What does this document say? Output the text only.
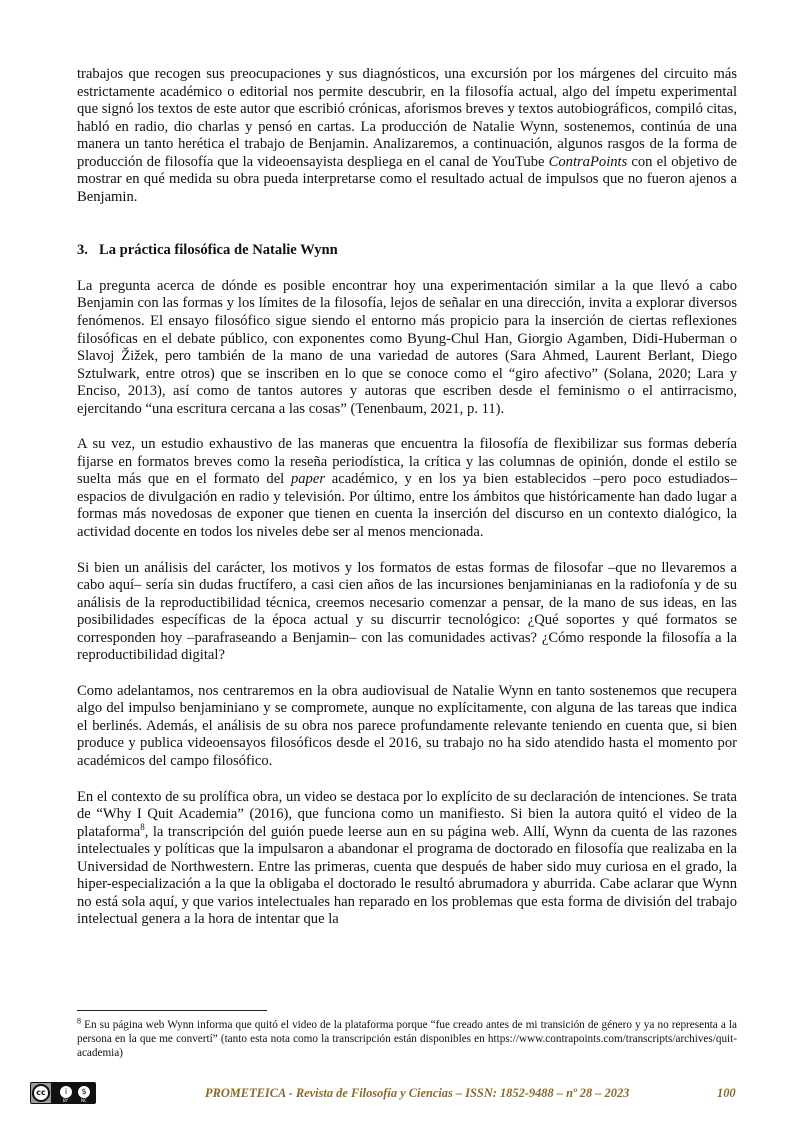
trabajos que recogen sus preocupaciones y sus diagnósticos, una excursión por los márgenes del circuito más estrictamente académico o editorial nos permite descubrir, en la filosofía actual, algo del ímpetu experimental que signó los textos de este autor que escribió crónicas, aforismos breves y textos autobiográficos, compiló citas, habló en radio, dio charlas y pensó en cartas. La producción de Natalie Wynn, sostenemos, continúa de una manera un tanto herética el trabajo de Benjamin. Analizaremos, a continuación, algunos rasgos de la forma de producción de filosofía que la videoensayista despliega en el canal de YouTube ContraPoints con el objetivo de mostrar en qué medida su obra pueda interpretarse como el resultado actual de impulsos que no fueron ajenos a Benjamin.

3. La práctica filosófica de Natalie Wynn

La pregunta acerca de dónde es posible encontrar hoy una experimentación similar a la que llevó a cabo Benjamin con las formas y los límites de la filosofía, lejos de señalar en una dirección, invita a explorar diversos fenómenos. El ensayo filosófico sigue siendo el entorno más propicio para la inserción de ciertas reflexiones filosóficas en el debate público, con exponentes como Byung-Chul Han, Giorgio Agamben, Didi-Huberman o Slavoj Žižek, pero también de la mano de una variedad de autores (Sara Ahmed, Laurent Berlant, Diego Sztulwark, entre otros) que se inscriben en lo que se conoce como el “giro afectivo” (Solana, 2020; Lara y Enciso, 2013), así como de tantos autores y autoras que escriben desde el feminismo o el antirracismo, ejercitando “una escritura cercana a las cosas” (Tenenbaum, 2021, p. 11).

A su vez, un estudio exhaustivo de las maneras que encuentra la filosofía de flexibilizar sus formas debería fijarse en formatos breves como la reseña periodística, la crítica y las columnas de opinión, donde el estilo se suelta más que en el formato del paper académico, y en los ya bien establecidos –pero poco estudiados– espacios de divulgación en radio y televisión. Por último, entre los ámbitos que históricamente han dado lugar a formas más novedosas de exponer que tienen en cuenta la inserción del discurso en un contexto dialógico, la actividad docente en todos los niveles debe ser al menos mencionada.

Si bien un análisis del carácter, los motivos y los formatos de estas formas de filosofar –que no llevaremos a cabo aquí– sería sin dudas fructífero, a casi cien años de las incursiones benjaminianas en la radiofonía y de su análisis de la reproductibilidad técnica, creemos necesario comenzar a pensar, de la mano de sus ideas, en las posibilidades específicas de la época actual y su discurrir tecnológico: ¿Qué soportes y qué formatos se corresponden hoy –parafraseando a Benjamin– con las comunidades activas? ¿Cómo responde la filosofía a la reproductibilidad digital?

Como adelantamos, nos centraremos en la obra audiovisual de Natalie Wynn en tanto sostenemos que recupera algo del impulso benjaminiano y se compromete, aunque no explícitamente, con alguna de las tareas que indica el berlinés. Además, el análisis de su obra nos parece profundamente relevante teniendo en cuenta que, si bien produce y publica videoensayos filosóficos desde el 2016, su trabajo no ha sido atendido hasta el momento por académicos del campo filosófico.

En el contexto de su prolífica obra, un video se destaca por lo explícito de su declaración de intenciones. Se trata de “Why I Quit Academia” (2016), que funciona como un manifiesto. Si bien la autora quitó el video de la plataforma$^8$, la transcripción del guión puede leerse aun en su página web. Allí, Wynn da cuenta de las razones intelectuales y políticas que la impulsaron a abandonar el programa de doctorado en filosofía que realizaba en la Universidad de Northwestern. Entre las primeras, cuenta que después de haber sido muy curiosa en el grado, la hiper-especialización a la que la obligaba el doctorado le resultó abrumadora y aburrida. Cabe aclarar que Wynn no está sola aquí, y que varios intelectuales han reparado en los problemas que esta forma de división del trabajo intelectual genera a la hora de intentar que la

$^8$ En su página web Wynn informa que quitó el video de la plataforma porque “fue creado antes de mi transición de género y ya no representa a la persona en la que me convertí” (tanto esta nota como la transcripción están disponibles en https://www.contrapoints.com/transcripts/archives/quit-academia)
cc	i	$
BY	NC
PROMETEICA - Revista de Filosofía y Ciencias – ISSN: 1852-9488 – nº 28 – 2023	100
